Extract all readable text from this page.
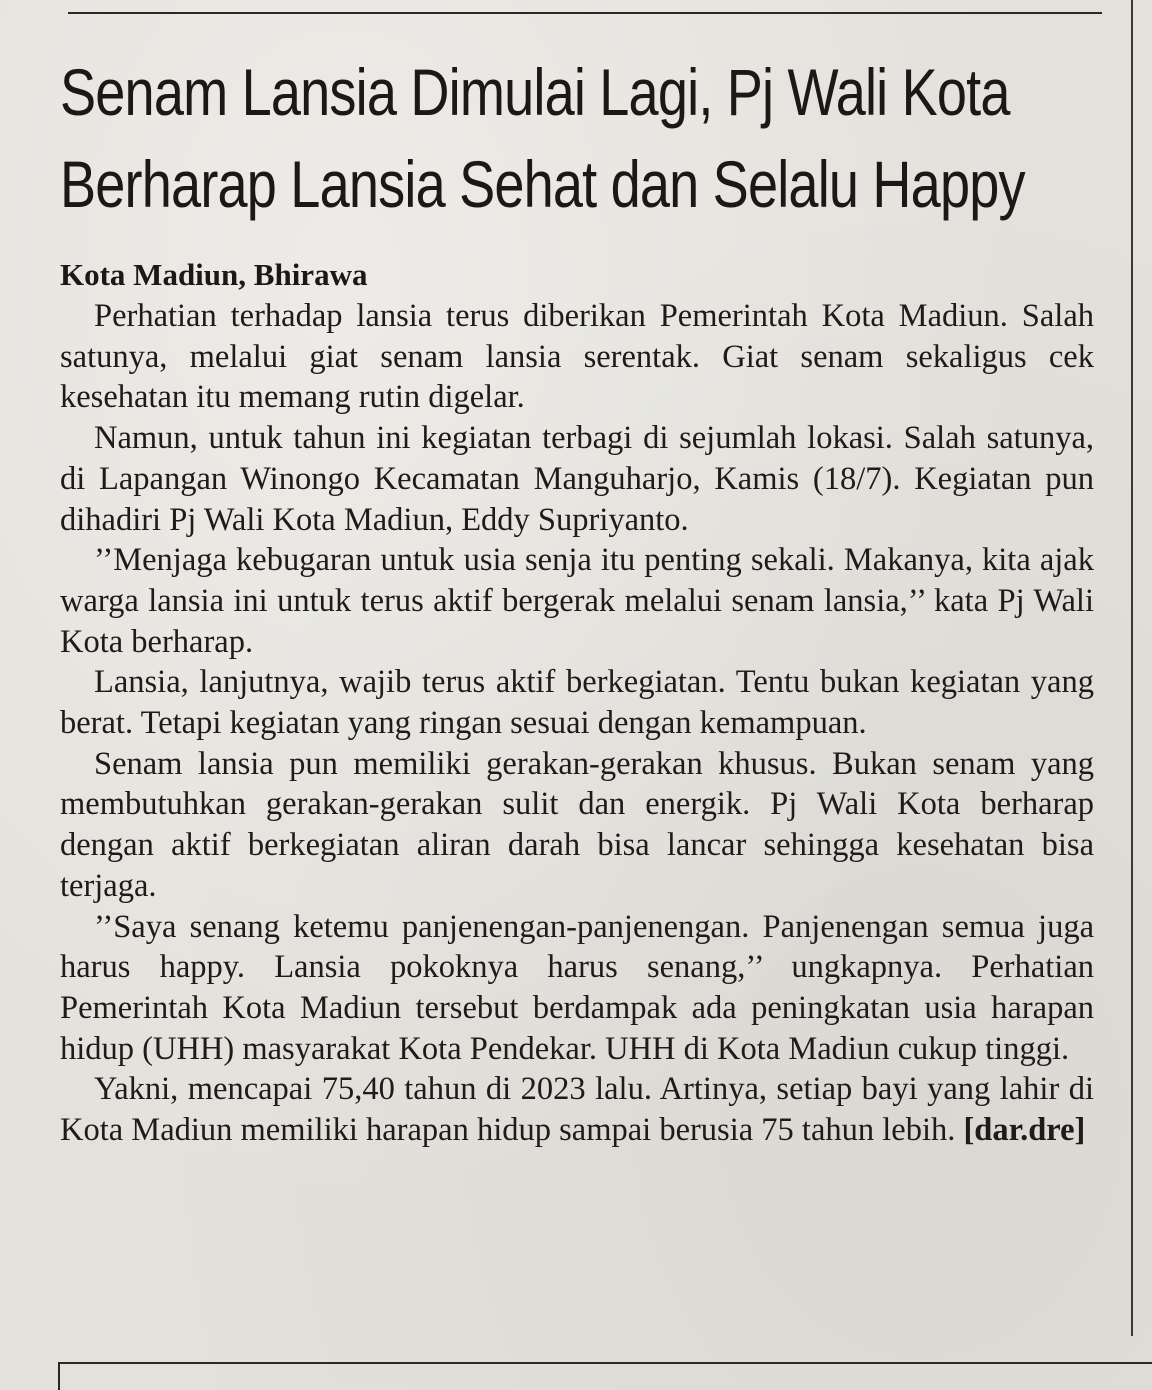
Senam Lansia Dimulai Lagi, Pj Wali Kota
Berharap Lansia Sehat dan Selalu Happy
Kota Madiun, Bhirawa

Perhatian terhadap lansia terus diberikan Pemerintah Kota Madiun. Salah satunya, melalui giat senam lansia serentak. Giat senam sekaligus cek kesehatan itu memang rutin digelar.

Namun, untuk tahun ini kegiatan terbagi di sejumlah lokasi. Salah satunya, di Lapangan Winongo Kecamatan Manguharjo, Kamis (18/7). Kegiatan pun dihadiri Pj Wali Kota Madiun, Eddy Supriyanto.

’’Menjaga kebugaran untuk usia senja itu penting sekali. Makanya, kita ajak warga lansia ini untuk terus aktif bergerak melalui senam lansia,’’ kata Pj Wali Kota berharap.

Lansia, lanjutnya, wajib terus aktif berkegiatan. Tentu bukan kegiatan yang berat. Tetapi kegiatan yang ringan sesuai dengan kemampuan.

Senam lansia pun memiliki gerakan-gerakan khusus. Bukan senam yang membutuhkan gerakan-gerakan sulit dan energik. Pj Wali Kota berharap dengan aktif berkegiatan aliran darah bisa lancar sehingga kesehatan bisa terjaga.

’’Saya senang ketemu panjenengan-panjenengan. Panjenengan semua juga harus happy. Lansia pokoknya harus senang,’’ ungkapnya. Perhatian Pemerintah Kota Madiun tersebut berdampak ada peningkatan usia harapan hidup (UHH) masyarakat Kota Pendekar. UHH di Kota Madiun cukup tinggi.

Yakni, mencapai 75,40 tahun di 2023 lalu. Artinya, setiap bayi yang lahir di Kota Madiun memiliki harapan hidup sampai berusia 75 tahun lebih. [dar.dre]
